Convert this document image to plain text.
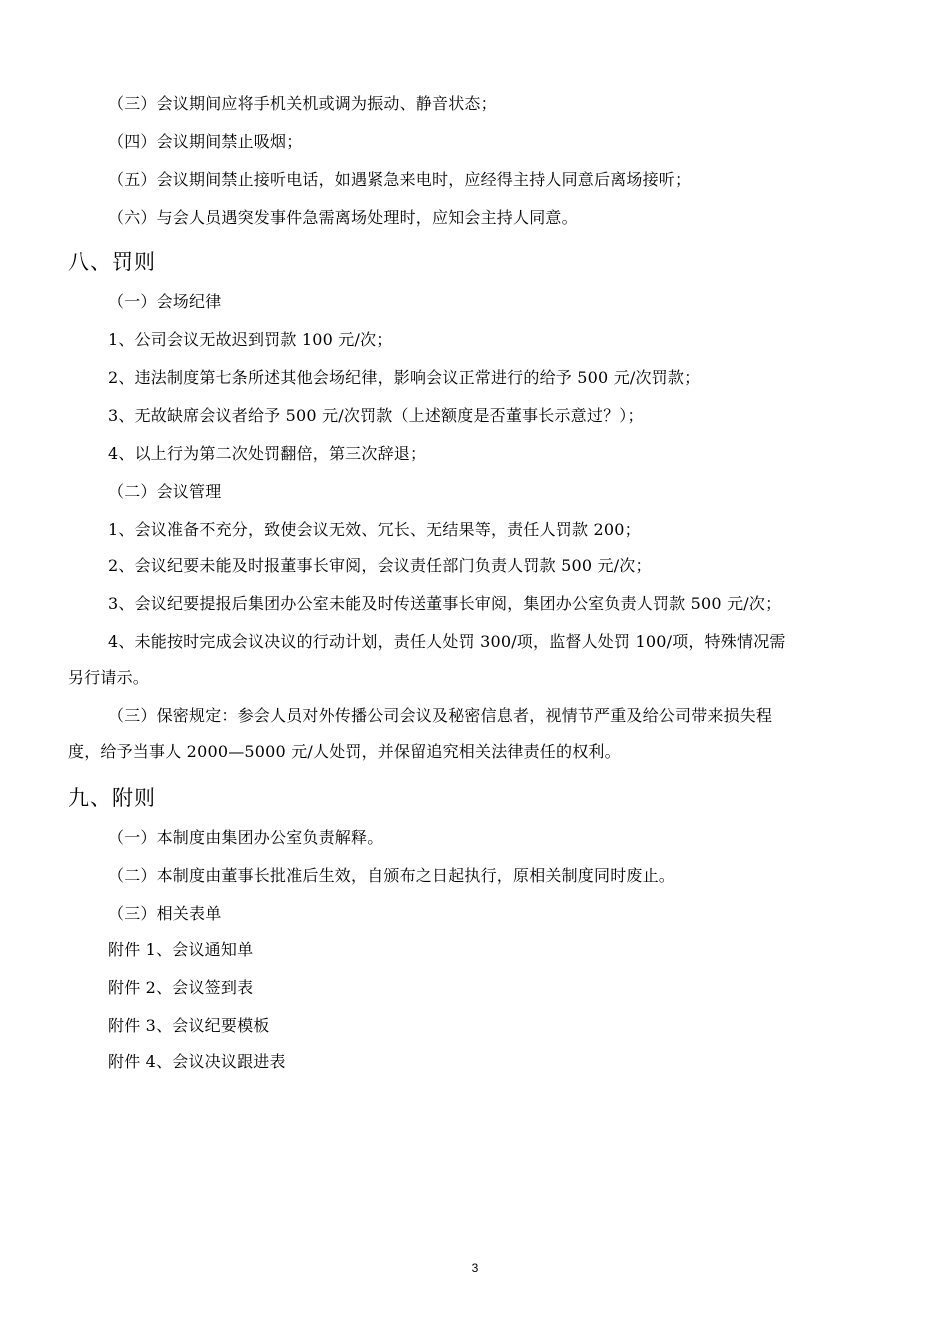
（三）会议期间应将手机关机或调为振动、静音状态；
（四）会议期间禁止吸烟；
（五）会议期间禁止接听电话，如遇紧急来电时，应经得主持人同意后离场接听；
（六）与会人员遇突发事件急需离场处理时，应知会主持人同意。
八、罚则
（一）会场纪律
1、公司会议无故迟到罚款 100 元/次；
2、违法制度第七条所述其他会场纪律，影响会议正常进行的给予 500 元/次罚款；
3、无故缺席会议者给予 500 元/次罚款（上述额度是否董事长示意过？）；
4、以上行为第二次处罚翻倍，第三次辞退；
（二）会议管理
1、会议准备不充分，致使会议无效、冗长、无结果等，责任人罚款 200；
2、会议纪要未能及时报董事长审阅，会议责任部门负责人罚款 500 元/次；
3、会议纪要提报后集团办公室未能及时传送董事长审阅，集团办公室负责人罚款 500 元/次；
4、未能按时完成会议决议的行动计划，责任人处罚 300/项，监督人处罚 100/项，特殊情况需
另行请示。
（三）保密规定：参会人员对外传播公司会议及秘密信息者，视情节严重及给公司带来损失程
度，给予当事人 2000—5000 元/人处罚，并保留追究相关法律责任的权利。
九、附则
（一）本制度由集团办公室负责解释。
（二）本制度由董事长批准后生效，自颁布之日起执行，原相关制度同时废止。
（三）相关表单
附件 1、会议通知单
附件 2、会议签到表
附件 3、会议纪要模板
附件 4、会议决议跟进表
3
